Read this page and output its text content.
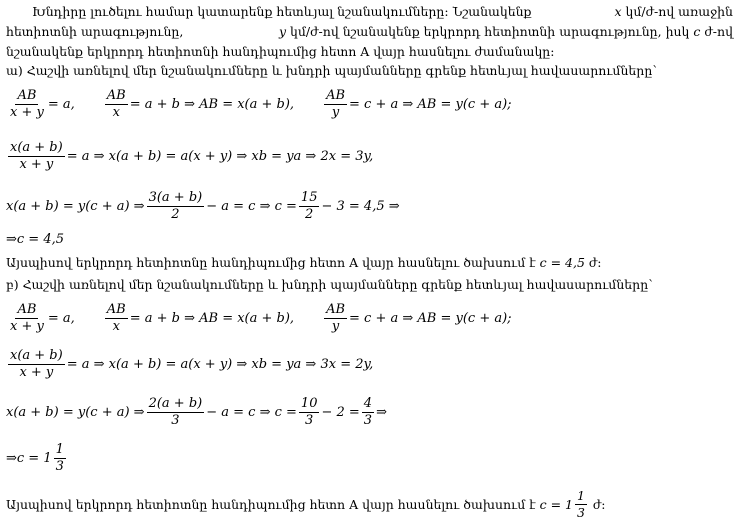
Խնդիրը լուծելու համար կատարենք հետևյալ նշանակումները: Նշանակենք	x կմ/ժ-ով առաջին
հետիոտնի արագությունը,	y կմ/ժ-ով նշանակենք երկրորդ հետիոտնի արագությունը, իսկ c ժ-ով
նշանակենք երկրորդ հետիոտնի հանդիպումից հետո A վայր հասնելու ժամանակը:
ա) Հաշվի առնելով մեր նշանակումները և խնդրի պայմանները գրենք հետևյալ հավասարումները`
$\frac{AB}{x + y} = a$, $\frac{AB}{x} = a + b$ ⇒ AB = x(a + b), $\frac{AB}{y} = c + a$ ⇒ AB = y(c + a);
$\frac{x(a + b)}{x + y} = a$ ⇒ x(a + b) = a(x + y) ⇒ xb = ya ⇒ 2x = 3y,
x(a + b) = y(c + a) ⇒ $\frac{3(a + b)}{2} - a = c$ ⇒ $c = \frac{15}{2} - 3 = 4,5$ ⇒
⇒c = 4,5
Այսպիսով երկրորդ հետիոտնը հանդիպումից հետո A վայր հասնելու ծախսում է c = 4,5 ժ:
բ) Հաշվի առնելով մեր նշանակումները և խնդրի պայմանները գրենք հետևյալ հավասարումները`
$\frac{AB}{x + y} = a$, $\frac{AB}{x} = a + b$ ⇒ AB = x(a + b), $\frac{AB}{y} = c + a$ ⇒ AB = y(c + a);
$\frac{x(a + b)}{x + y} = a$ ⇒ x(a + b) = a(x + y) ⇒ xb = ya ⇒ 3x = 2y,
x(a + b) = y(c + a) ⇒ $\frac{2(a + b)}{3} - a = c$ ⇒ $c = \frac{10}{3} - 2 = \frac{4}{3}$ ⇒
⇒c = $1 \frac{1}{3}$
Այսպիսով երկրորդ հետիոտնը հանդիպումից հետո A վայր հասնելու ծախսում է
$c = 1 \frac{1}{3}$
ժ:
